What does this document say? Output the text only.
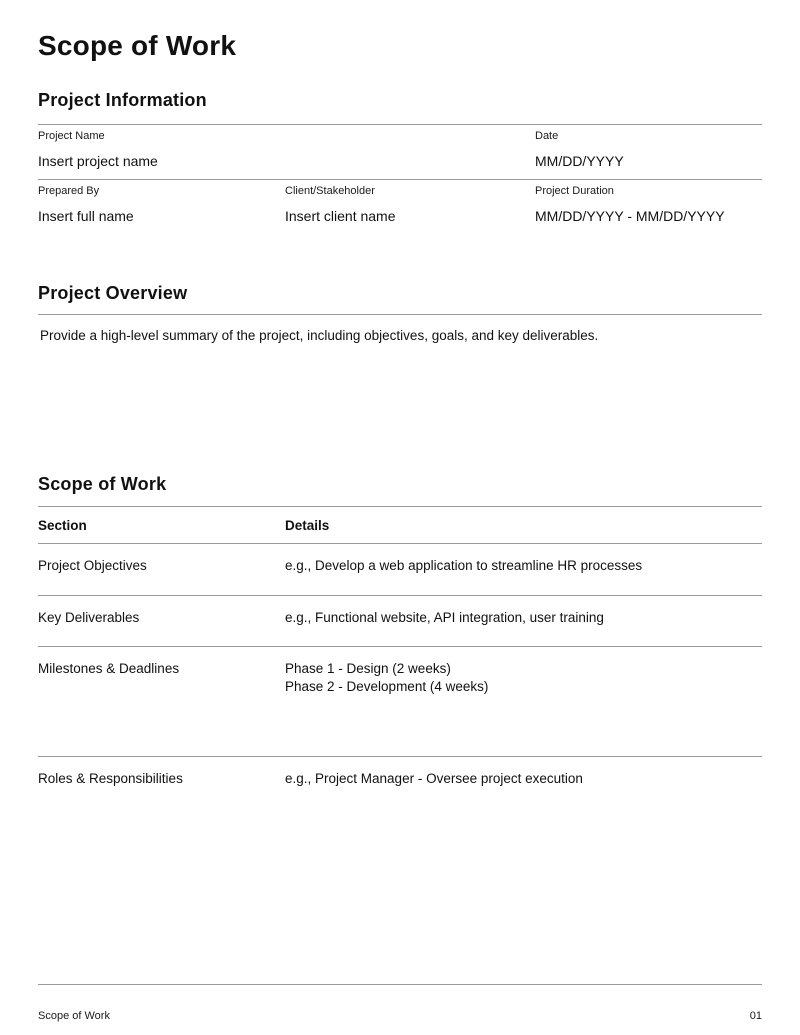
Scope of Work
Project Information
Project Name
Insert project name
Date
MM/DD/YYYY
Prepared By
Insert full name
Client/Stakeholder
Insert client name
Project Duration
MM/DD/YYYY - MM/DD/YYYY
Project Overview

Provide a high-level summary of the project, including objectives, goals, and key deliverables.

Scope of Work
Section	Details
Project Objectives	e.g., Develop a web application to streamline HR processes
Key Deliverables	e.g., Functional website, API integration, user training
Milestones & Deadlines	Phase 1 - Design (2 weeks)
Phase 2 - Development (4 weeks)
Roles & Responsibilities	e.g., Project Manager - Oversee project execution
Scope of Work	01
